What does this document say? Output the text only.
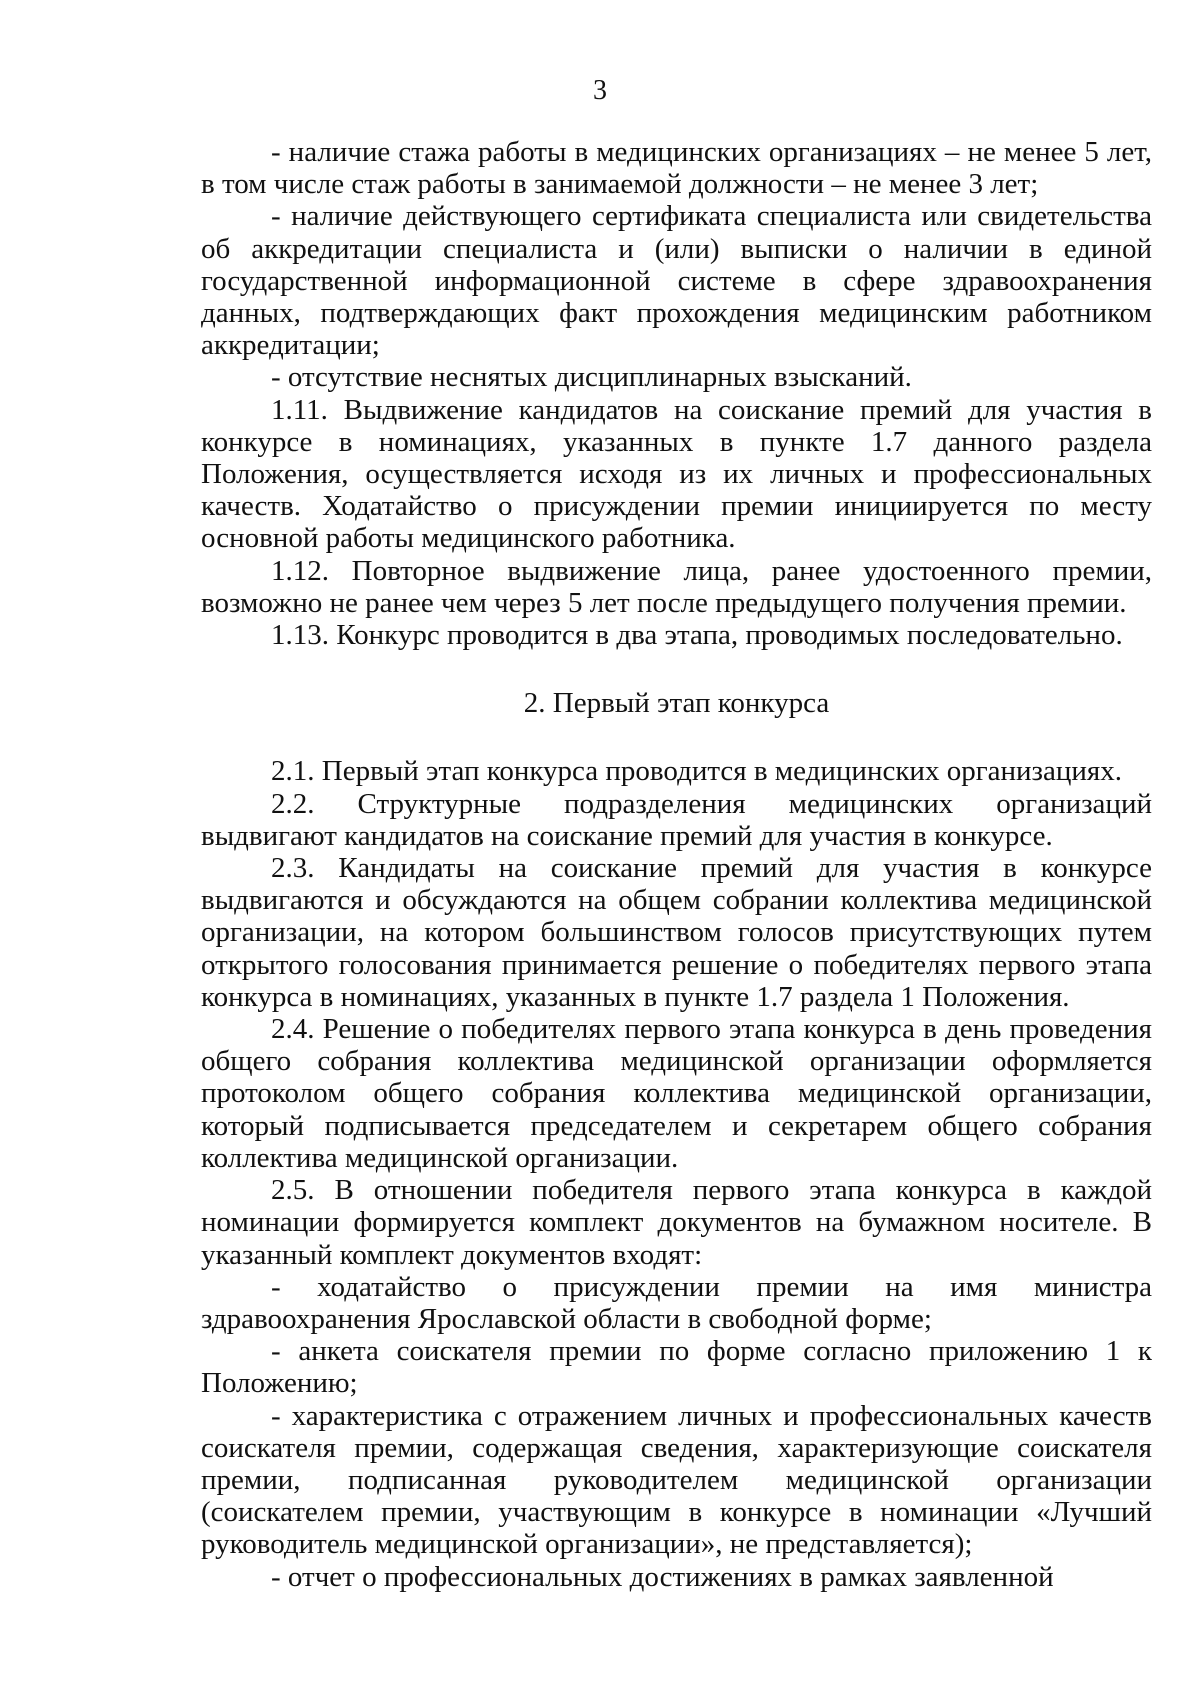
3

- наличие стажа работы в медицинских организациях – не менее 5 лет, в том числе стаж работы в занимаемой должности – не менее 3 лет;

- наличие действующего сертификата специалиста или свидетельства об аккредитации специалиста и (или) выписки о наличии в единой государственной информационной системе в сфере здравоохранения данных, подтверждающих факт прохождения медицинским работником аккредитации;

- отсутствие неснятых дисциплинарных взысканий.

1.11. Выдвижение кандидатов на соискание премий для участия в конкурсе в номинациях, указанных в пункте 1.7 данного раздела Положения, осуществляется исходя из их личных и профессиональных качеств. Ходатайство о присуждении премии инициируется по месту основной работы медицинского работника.

1.12. Повторное выдвижение лица, ранее удостоенного премии, возможно не ранее чем через 5 лет после предыдущего получения премии.

1.13. Конкурс проводится в два этапа, проводимых последовательно.

2. Первый этап конкурса

2.1. Первый этап конкурса проводится в медицинских организациях.

2.2. Структурные подразделения медицинских организаций выдвигают кандидатов на соискание премий для участия в конкурсе.

2.3. Кандидаты на соискание премий для участия в конкурсе выдвигаются и обсуждаются на общем собрании коллектива медицинской организации, на котором большинством голосов присутствующих путем открытого голосования принимается решение о победителях первого этапа конкурса в номинациях, указанных в пункте 1.7 раздела 1 Положения.

2.4. Решение о победителях первого этапа конкурса в день проведения общего собрания коллектива медицинской организации оформляется протоколом общего собрания коллектива медицинской организации, который подписывается председателем и секретарем общего собрания коллектива медицинской организации.

2.5. В отношении победителя первого этапа конкурса в каждой номинации формируется комплект документов на бумажном носителе. В указанный комплект документов входят:

- ходатайство о присуждении премии на имя министра здравоохранения Ярославской области в свободной форме;

- анкета соискателя премии по форме согласно приложению 1 к Положению;

- характеристика с отражением личных и профессиональных качеств соискателя премии, содержащая сведения, характеризующие соискателя премии, подписанная руководителем медицинской организации (соискателем премии, участвующим в конкурсе в номинации «Лучший руководитель медицинской организации», не представляется);

- отчет о профессиональных достижениях в рамках заявленной
